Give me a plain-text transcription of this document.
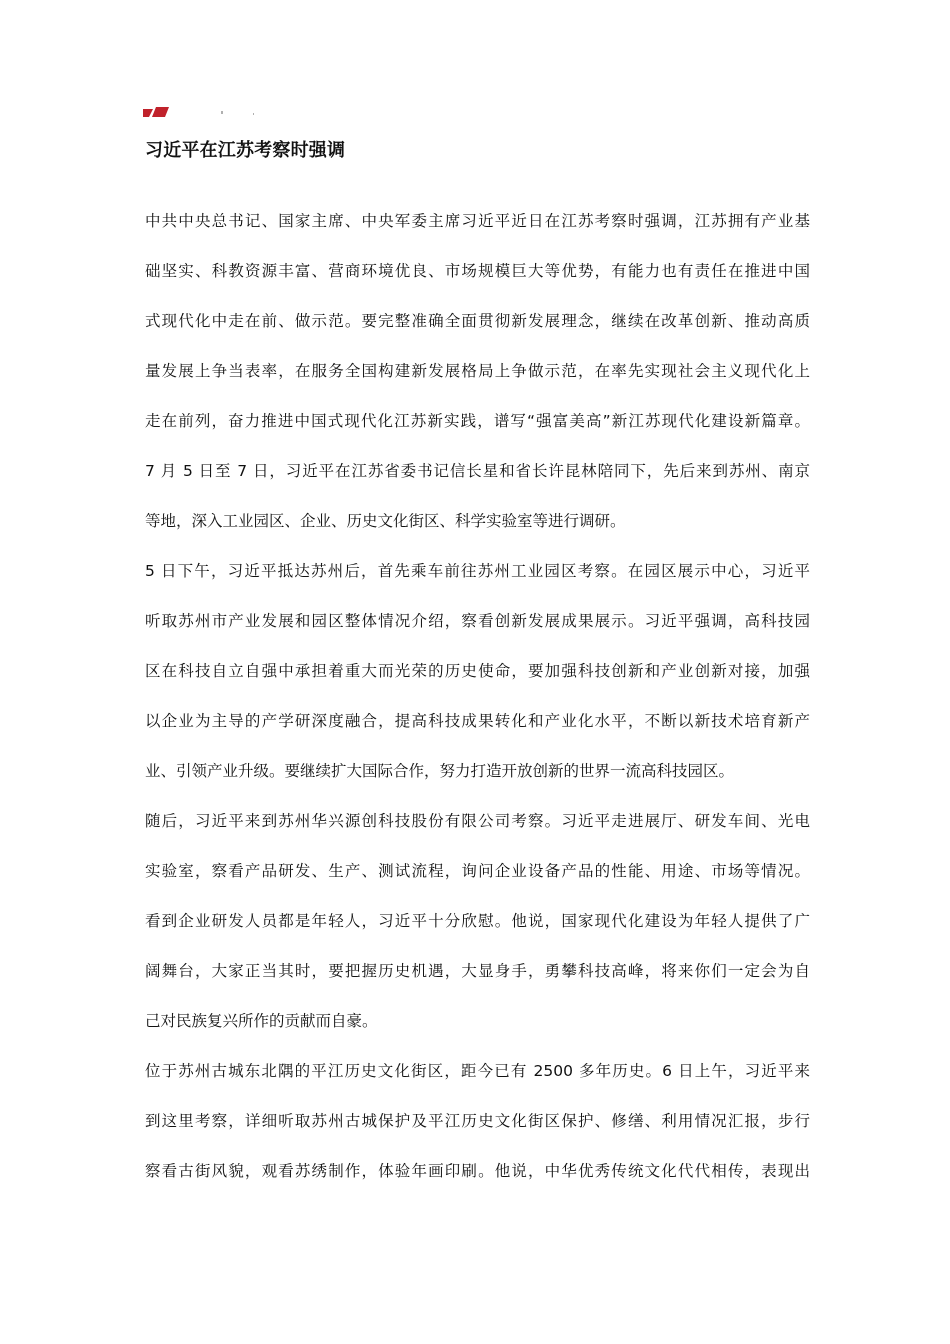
习近平在江苏考察时强调

中共中央总书记、国家主席、中央军委主席习近平近日在江苏考察时强调，江苏拥有产业基
础坚实、科教资源丰富、营商环境优良、市场规模巨大等优势，有能力也有责任在推进中国
式现代化中走在前、做示范。要完整准确全面贯彻新发展理念，继续在改革创新、推动高质
量发展上争当表率，在服务全国构建新发展格局上争做示范，在率先实现社会主义现代化上
走在前列，奋力推进中国式现代化江苏新实践，谱写“强富美高”新江苏现代化建设新篇章。

7 月 5 日至 7 日，习近平在江苏省委书记信长星和省长许昆林陪同下，先后来到苏州、南京
等地，深入工业园区、企业、历史文化街区、科学实验室等进行调研。

5 日下午，习近平抵达苏州后，首先乘车前往苏州工业园区考察。在园区展示中心，习近平
听取苏州市产业发展和园区整体情况介绍，察看创新发展成果展示。习近平强调，高科技园
区在科技自立自强中承担着重大而光荣的历史使命，要加强科技创新和产业创新对接，加强
以企业为主导的产学研深度融合，提高科技成果转化和产业化水平，不断以新技术培育新产
业、引领产业升级。要继续扩大国际合作，努力打造开放创新的世界一流高科技园区。

随后，习近平来到苏州华兴源创科技股份有限公司考察。习近平走进展厅、研发车间、光电
实验室，察看产品研发、生产、测试流程，询问企业设备产品的性能、用途、市场等情况。
看到企业研发人员都是年轻人，习近平十分欣慰。他说，国家现代化建设为年轻人提供了广
阔舞台，大家正当其时，要把握历史机遇，大显身手，勇攀科技高峰，将来你们一定会为自
己对民族复兴所作的贡献而自豪。

位于苏州古城东北隅的平江历史文化街区，距今已有 2500 多年历史。6 日上午，习近平来
到这里考察，详细听取苏州古城保护及平江历史文化街区保护、修缮、利用情况汇报，步行
察看古街风貌，观看苏绣制作，体验年画印刷。他说，中华优秀传统文化代代相传，表现出
